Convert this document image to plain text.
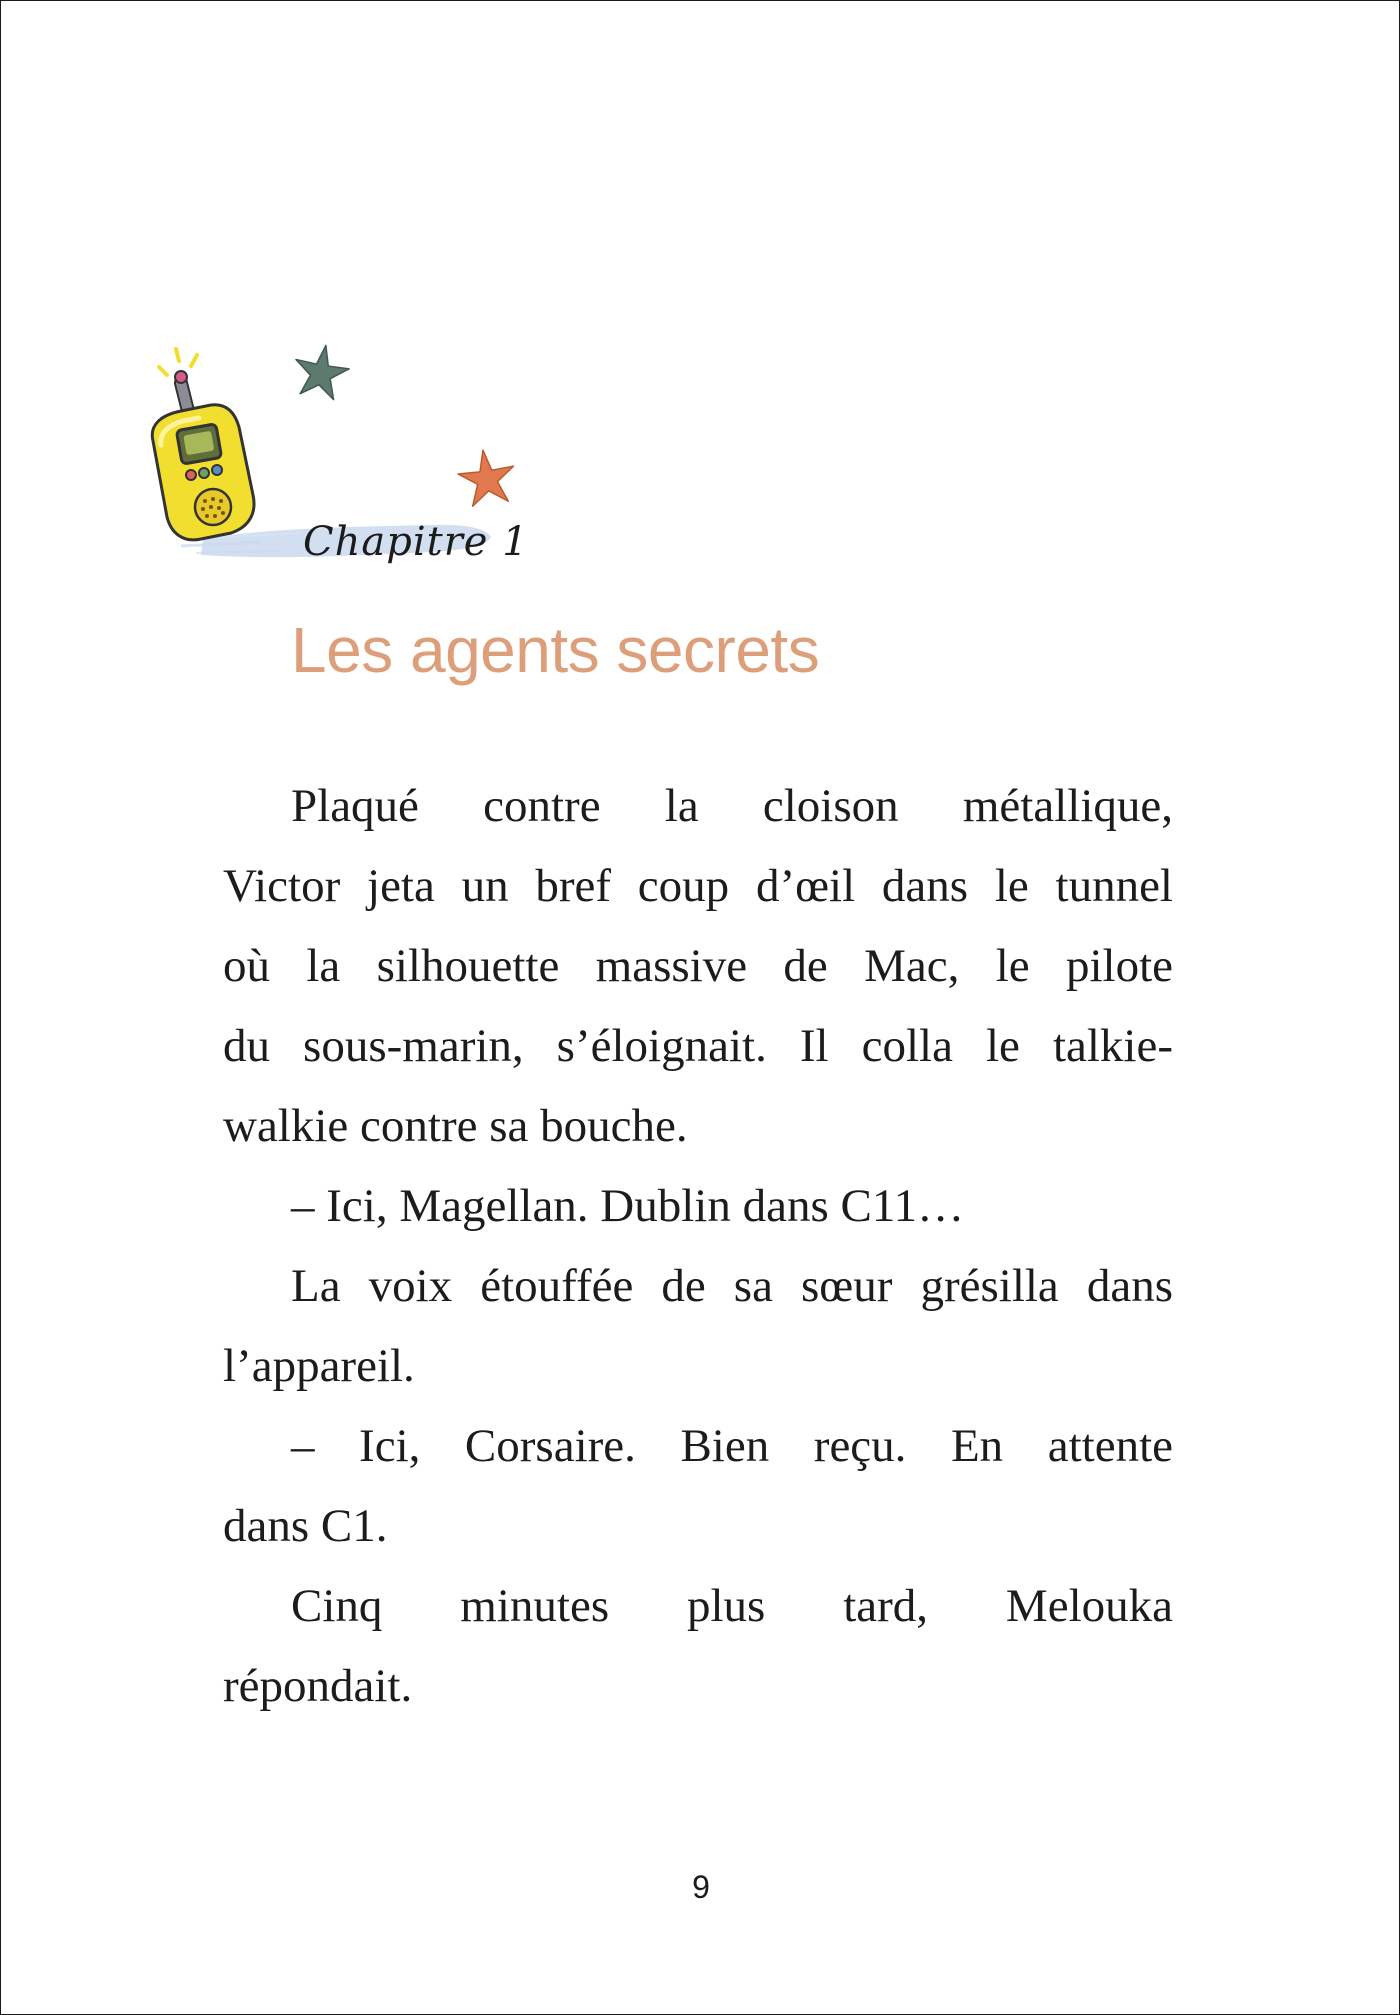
Chapitre 1
Les agents secrets
Plaqué contre la cloison métallique,
Victor jeta un bref coup d’œil dans le tunnel
où la silhouette massive de Mac, le pilote
du sous-marin, s’éloignait. Il colla le talkie-
walkie contre sa bouche.
– Ici, Magellan. Dublin dans C11…
La voix étouffée de sa sœur grésilla dans
l’appareil.
– Ici, Corsaire. Bien reçu. En attente
dans C1.
Cinq minutes plus tard, Melouka
répondait.
9
